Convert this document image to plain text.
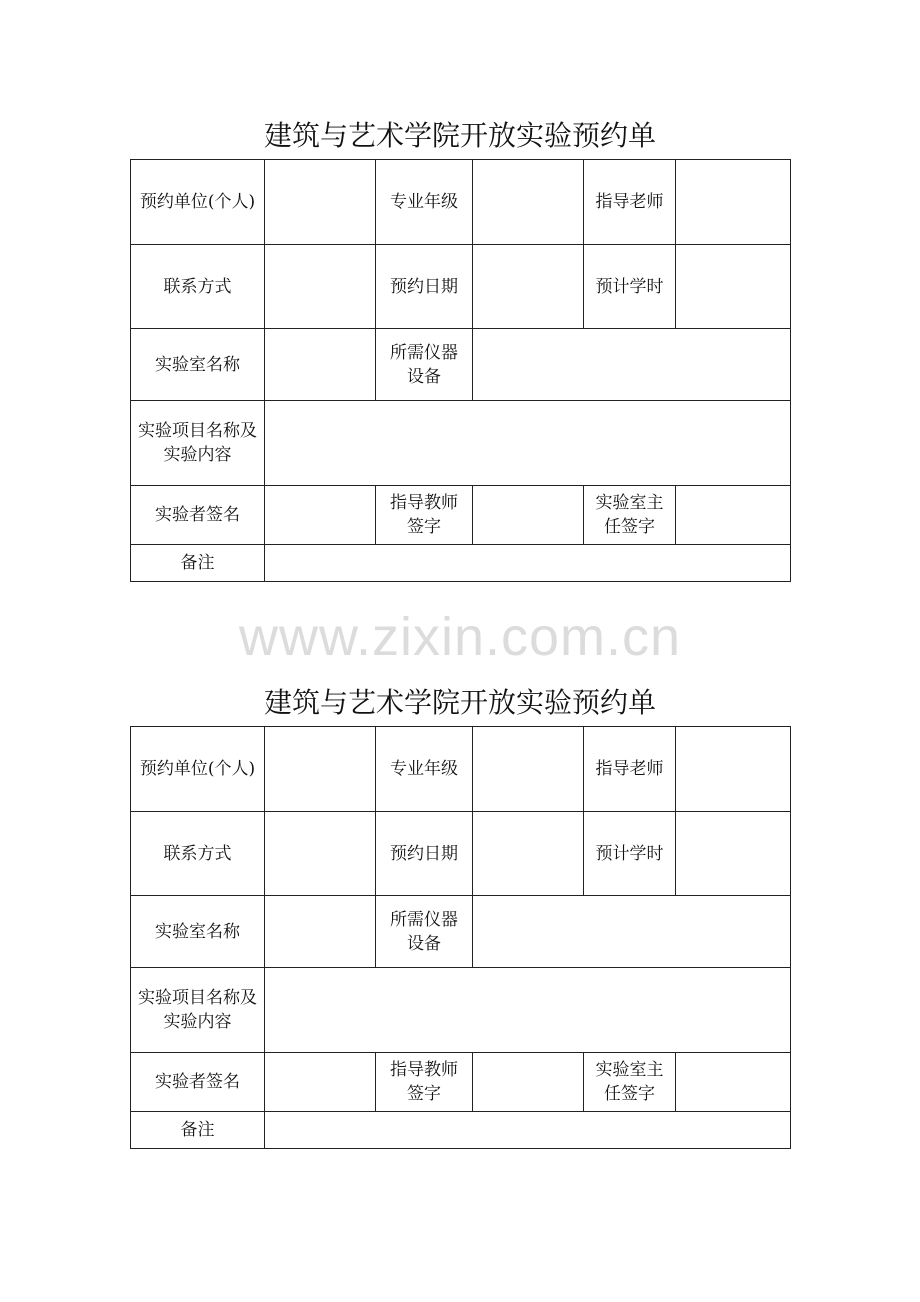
建筑与艺术学院开放实验预约单
预约单位(个人)		专业年级		指导老师	
联系方式		预约日期		预计学时	
实验室名称		所需仪器设备			
实验项目名称及实验内容					
实验者签名		指导教师签字		实验室主任签字	
备注					
www.zixin.com.cn
建筑与艺术学院开放实验预约单
预约单位(个人)		专业年级		指导老师	
联系方式		预约日期		预计学时	
实验室名称		所需仪器设备			
实验项目名称及实验内容					
实验者签名		指导教师签字		实验室主任签字	
备注					
